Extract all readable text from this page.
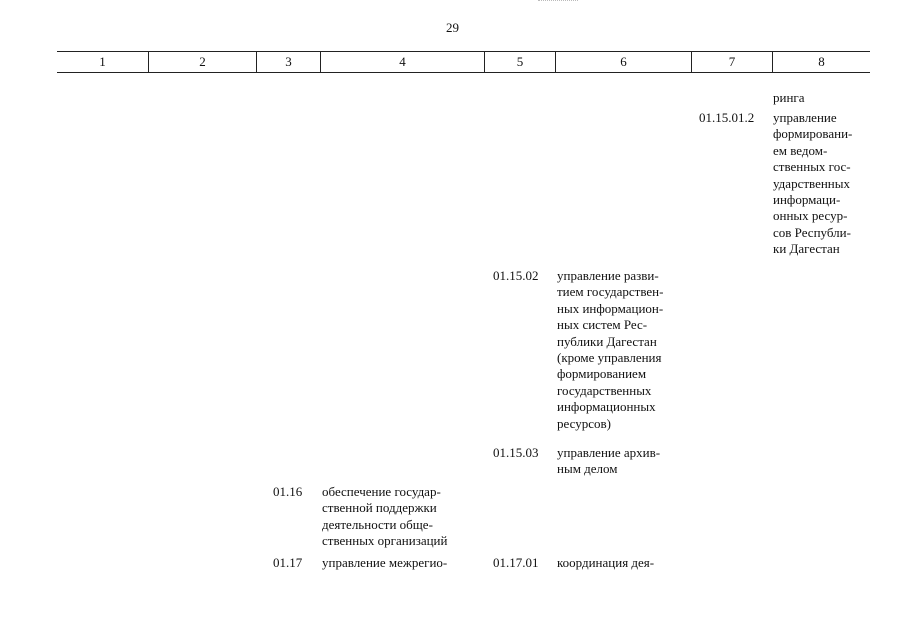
29
1	2	3	4	5	6	7	8
ринга
01.15.01.2 управление
формировани-
ем ведом-
ственных гос-
ударственных
информаци-
онных ресур-
сов Республи-
ки Дагестан
01.15.02 управление разви-
тием государствен-
ных информацион-
ных систем Рес-
публики Дагестан
(кроме управления
формированием
государственных
информационных
ресурсов)
01.15.03 управление архив-
ным делом
01.16 обеспечение государ-
ственной поддержки
деятельности обще-
ственных организаций
01.17 управление межрегио-	01.17.01 координация дея-
